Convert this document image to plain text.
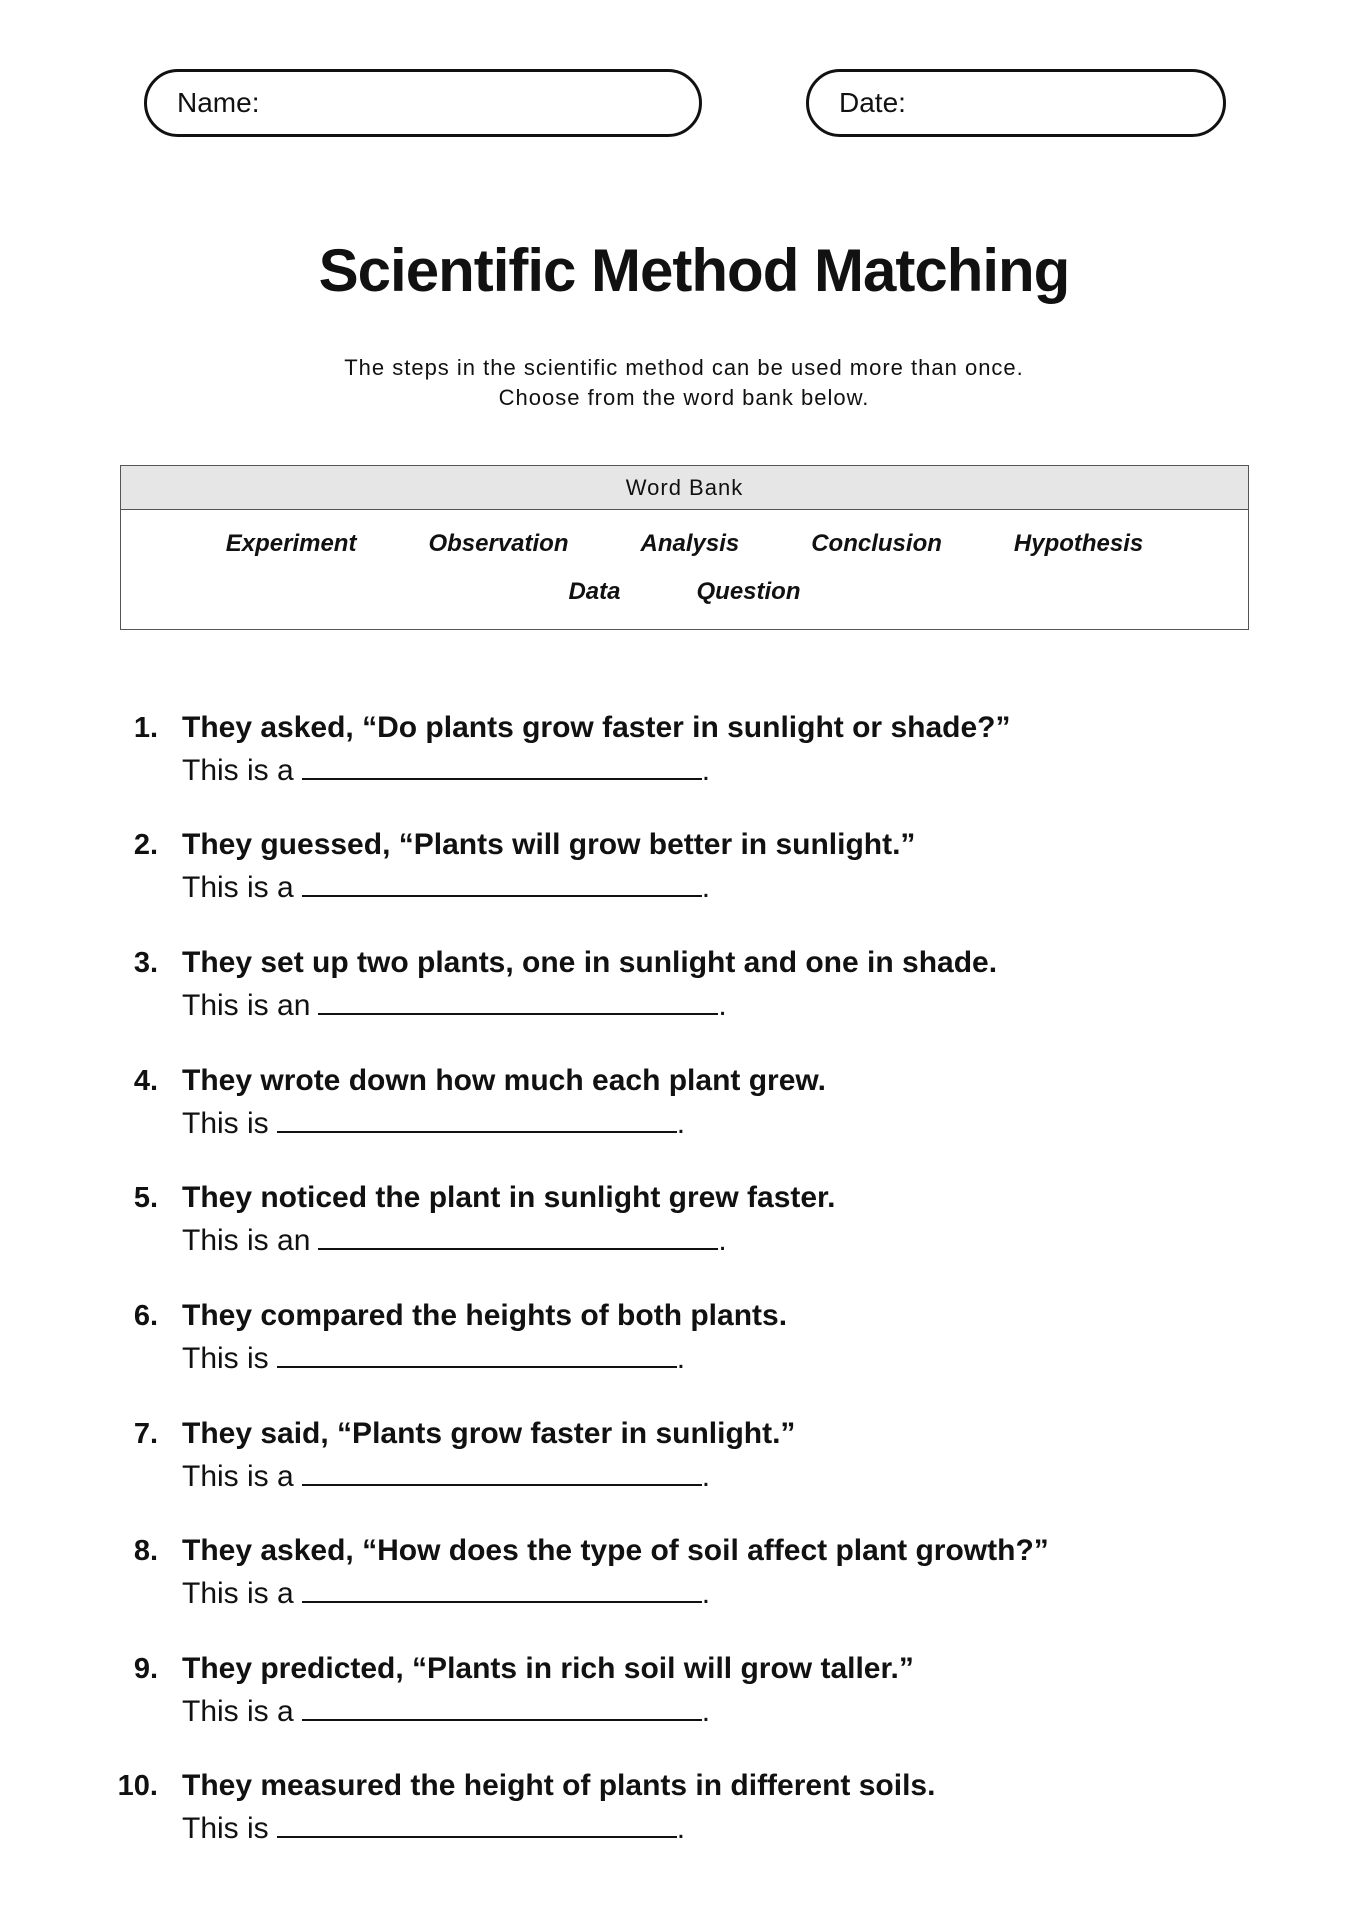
Name:	Date:
Scientific Method Matching
The steps in the scientific method can be used more than once.
Choose from the word bank below.
Word Bank
Experiment	Observation	Analysis	Conclusion	Hypothesis
Data	Question
1. They asked, “Do plants grow faster in sunlight or shade?”
This is a	.
2. They guessed, “Plants will grow better in sunlight.”
This is a	.
3. They set up two plants, one in sunlight and one in shade.
This is an	.
4. They wrote down how much each plant grew.
This is	.
5. They noticed the plant in sunlight grew faster.
This is an	.
6. They compared the heights of both plants.
This is	.
7. They said, “Plants grow faster in sunlight.”
This is a	.
8. They asked, “How does the type of soil affect plant growth?”
This is a	.
9. They predicted, “Plants in rich soil will grow taller.”
This is a	.
10. They measured the height of plants in different soils.
This is	.
